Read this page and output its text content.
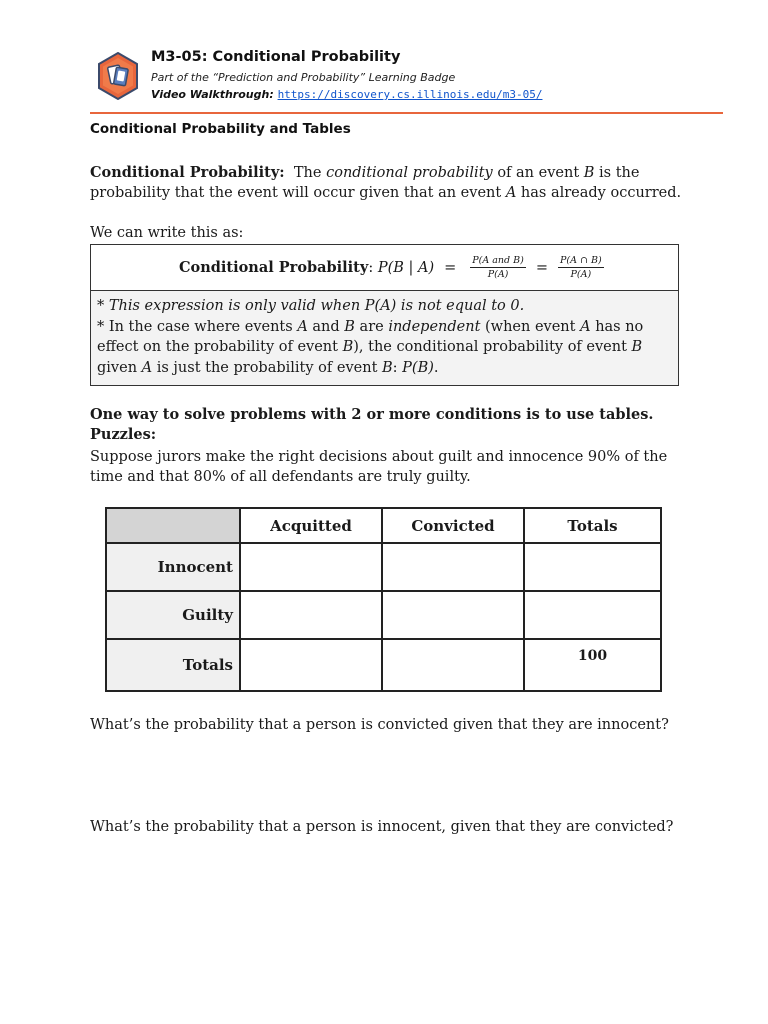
M3-05: Conditional Probability
Part of the “Prediction and Probability” Learning Badge
Video Walkthrough: https://discovery.cs.illinois.edu/m3-05/
Conditional Probability and Tables
Conditional Probability: The conditional probability of an event B is the probability that the event will occur given that an event A has already occurred.
We can write this as:
Conditional Probability :
P(B | $A) = \frac{\text{P(A and B)}}{P(A)} = \frac{P(A \cap B)}{P(A)}$
* This expression is only valid when P(A) is not equal to 0.
* In the case where events A and B are independent (when event A has no effect on the probability of event B), the conditional probability of event B given A is just the probability of event B: P(B).
One way to solve problems with 2 or more conditions is to use tables.
Puzzles:
Suppose jurors make the right decisions about guilt and innocence 90% of the time and that 80% of all defendants are truly guilty.
	Acquitted	Convicted	Totals
Innocent			
Guilty			
Totals			100
What’s the probability that a person is convicted given that they are innocent?
What’s the probability that a person is innocent, given that they are convicted?
